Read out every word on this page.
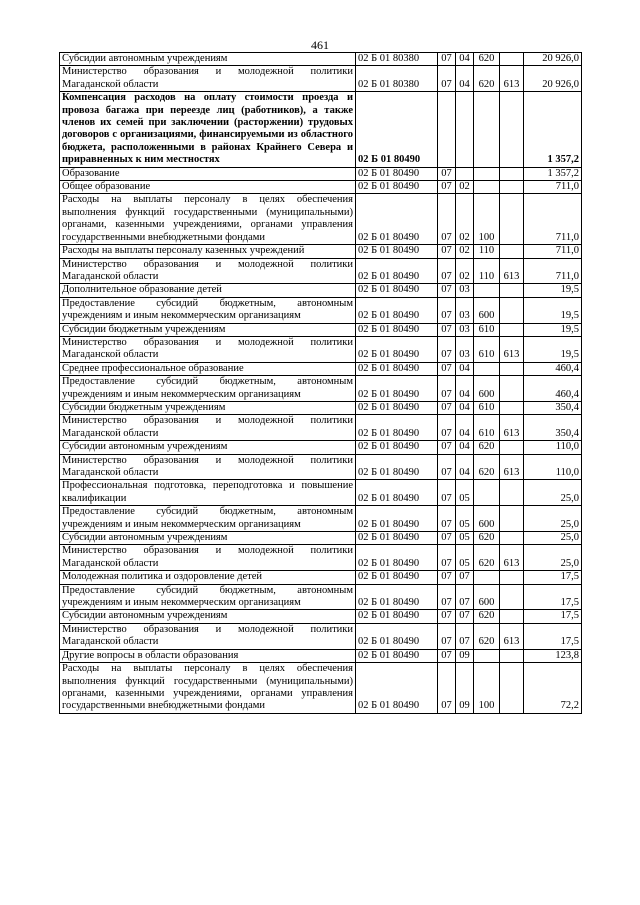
461
Субсидии автономным учреждениям	02 Б 01 80380	07	04	620		20 926,0
Министерство образования и молодежной политики Магаданской области	02 Б 01 80380	07	04	620	613	20 926,0
Компенсация расходов на оплату стоимости проезда и провоза багажа при переезде лиц (работников), а также членов их семей при заключении (расторжении) трудовых договоров с организациями, финансируемыми из областного бюджета, расположенными в районах Крайнего Севера и приравненных к ним местностях	02 Б 01 80490					1 357,2
Образование	02 Б 01 80490	07				1 357,2
Общее образование	02 Б 01 80490	07	02			711,0
Расходы на выплаты персоналу в целях обеспечения выполнения функций государственными (муниципальными) органами, казенными учреждениями, органами управления государственными внебюджетными фондами	02 Б 01 80490	07	02	100		711,0
Расходы на выплаты персоналу казенных учреждений	02 Б 01 80490	07	02	110		711,0
Министерство образования и молодежной политики Магаданской области	02 Б 01 80490	07	02	110	613	711,0
Дополнительное образование детей	02 Б 01 80490	07	03			19,5
Предоставление субсидий бюджетным, автономным учреждениям и иным некоммерческим организациям	02 Б 01 80490	07	03	600		19,5
Субсидии бюджетным учреждениям	02 Б 01 80490	07	03	610		19,5
Министерство образования и молодежной политики Магаданской области	02 Б 01 80490	07	03	610	613	19,5
Среднее профессиональное образование	02 Б 01 80490	07	04			460,4
Предоставление субсидий бюджетным, автономным учреждениям и иным некоммерческим организациям	02 Б 01 80490	07	04	600		460,4
Субсидии бюджетным учреждениям	02 Б 01 80490	07	04	610		350,4
Министерство образования и молодежной политики Магаданской области	02 Б 01 80490	07	04	610	613	350,4
Субсидии автономным учреждениям	02 Б 01 80490	07	04	620		110,0
Министерство образования и молодежной политики Магаданской области	02 Б 01 80490	07	04	620	613	110,0
Профессиональная подготовка, переподготовка и повышение квалификации	02 Б 01 80490	07	05			25,0
Предоставление субсидий бюджетным, автономным учреждениям и иным некоммерческим организациям	02 Б 01 80490	07	05	600		25,0
Субсидии автономным учреждениям	02 Б 01 80490	07	05	620		25,0
Министерство образования и молодежной политики Магаданской области	02 Б 01 80490	07	05	620	613	25,0
Молодежная политика и оздоровление детей	02 Б 01 80490	07	07			17,5
Предоставление субсидий бюджетным, автономным учреждениям и иным некоммерческим организациям	02 Б 01 80490	07	07	600		17,5
Субсидии автономным учреждениям	02 Б 01 80490	07	07	620		17,5
Министерство образования и молодежной политики Магаданской области	02 Б 01 80490	07	07	620	613	17,5
Другие вопросы в области образования	02 Б 01 80490	07	09			123,8
Расходы на выплаты персоналу в целях обеспечения выполнения функций государственными (муниципальными) органами, казенными учреждениями, органами управления государственными внебюджетными фондами	02 Б 01 80490	07	09	100		72,2
